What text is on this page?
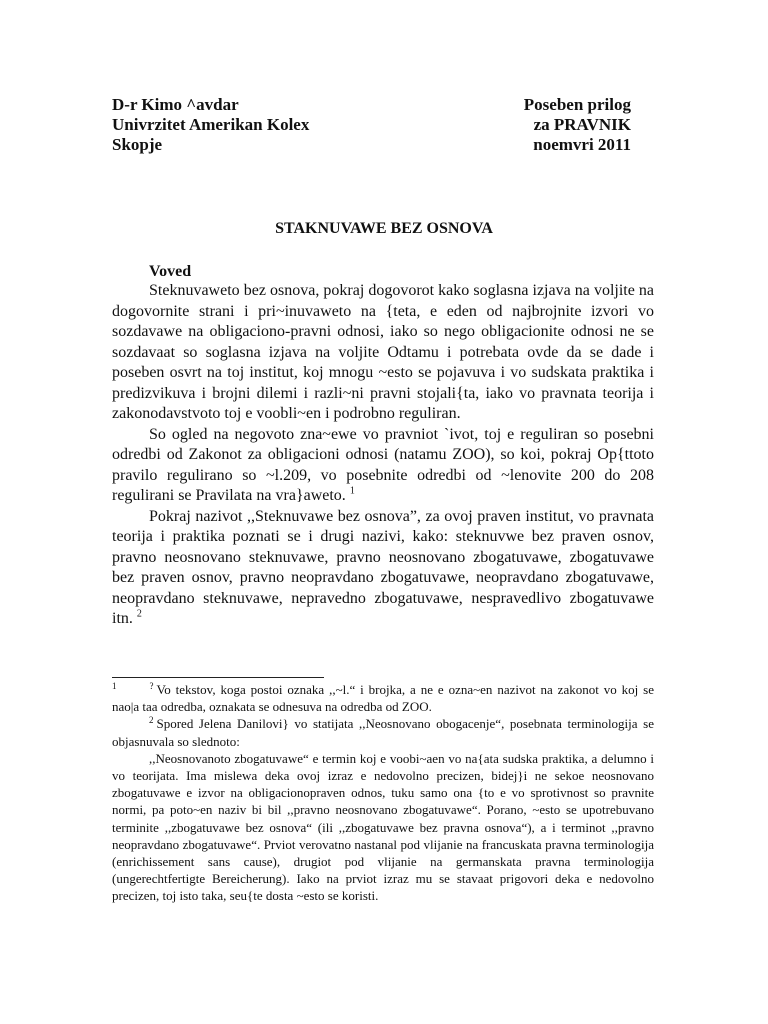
D-r Kimo ^avdar
Univrzitet Amerikan Kolex
Skopje
Poseben prilog
za PRAVNIK
noemvri 2011
STAKNUVAWE BEZ OSNOVA
Voved

Steknuvaweto bez osnova, pokraj dogovorot kako soglasna izjava na voljite na dogovornite strani i pri~inuvaweto na {teta, e eden od najbrojnite izvori vo sozdavawe na obligaciono-pravni odnosi, iako so nego obligacionite odnosi ne se sozdavaat so soglasna izjava na voljite Odtamu i potrebata ovde da se dade i poseben osvrt na toj institut, koj mnogu ~esto se pojavuva i vo sudskata praktika i predizvikuva i brojni dilemi i razli~ni pravni stojali{ta, iako vo pravnata teorija i zakonodavstvoto toj e voobli~en i podrobno reguliran.

So ogled na negovoto zna~ewe vo pravniot `ivot, toj e reguliran so posebni odredbi od Zakonot za obligacioni odnosi (natamu ZOO), so koi, pokraj Op{ttoto pravilo regulirano so ~l.209, vo posebnite odredbi od ~lenovite 200 do 208 regulirani se Pravilata na vra}aweto. $^1$

Pokraj nazivot ,,Steknuvawe bez osnova”, za ovoj praven institut, vo pravnata teorija i praktika poznati se i drugi nazivi, kako: steknuvwe bez praven osnov, pravno neosnovano steknuvawe, pravno neosnovano zbogatuvawe, zbogatuvawe bez praven osnov, pravno neopravdano zbogatuvawe, neopravdano zbogatuvawe, neopravdano steknuvawe, nepravedno zbogatuvawe, nespravedlivo zbogatuvawe itn. $^2$

$^1$	? Vo tekstov, koga postoi oznaka ,,~l.“ i brojka, a ne e ozna~en nazivot na zakonot vo koj se nao|a taa odredba, oznakata se odnesuva na odredba od ZOO.

$^2$ Spored Jelena Danilovi} vo statijata ,,Neosnovano obogacenje“, posebnata terminologija se objasnuvala so slednoto:

,,Neosnovanoto zbogatuvawe“ e termin koj e voobi~aen vo na{ata sudska praktika, a delumno i vo teorijata. Ima mislewa deka ovoj izraz e nedovolno precizen, bidej}i ne sekoe neosnovano zbogatuvawe e izvor na obligacionopraven odnos, tuku samo ona {to e vo sprotivnost so pravnite normi, pa poto~en naziv bi bil ,,pravno neosnovano zbogatuvawe“. Porano, ~esto se upotrebuvano terminite ,,zbogatuvawe bez osnova“ (ili ,,zbogatuvawe bez pravna osnova“), a i terminot ,,pravno neopravdano zbogatuvawe“. Prviot verovatno nastanal pod vlijanie na francuskata pravna terminologija (enrichissement sans cause), drugiot pod vlijanie na germanskata pravna terminologija (ungerechtfertigte Bereicherung). Iako na prviot izraz mu se stavaat prigovori deka e nedovolno precizen, toj isto taka, seu{te dosta ~esto se koristi.
